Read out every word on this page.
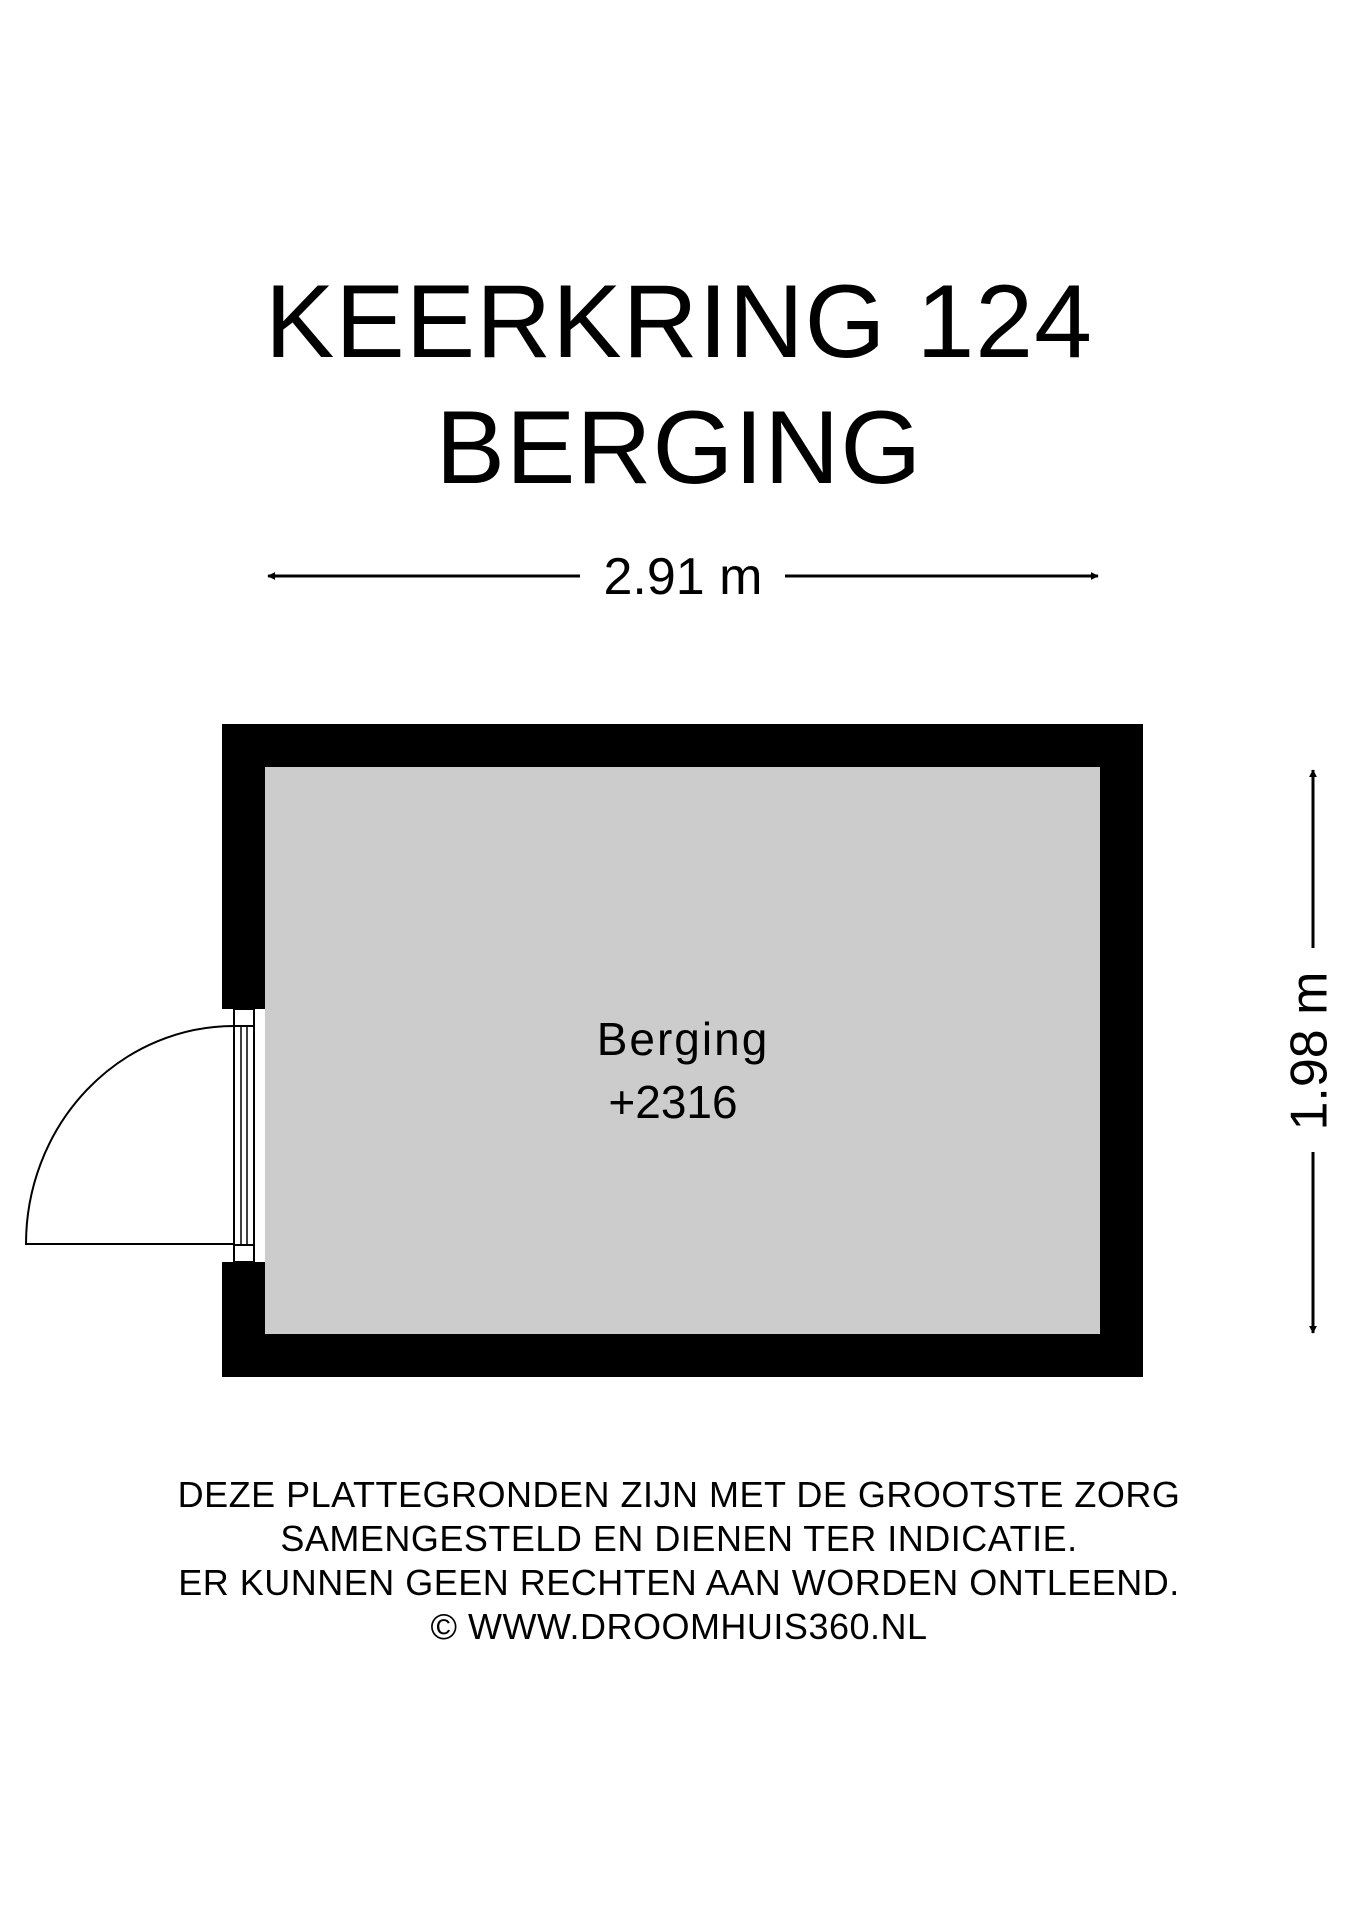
KEERKRING 124
BERGING
2.91 m
1.98 m
Berging
+2316
DEZE PLATTEGRONDEN ZIJN MET DE GROOTSTE ZORG
SAMENGESTELD EN DIENEN TER INDICATIE.
ER KUNNEN GEEN RECHTEN AAN WORDEN ONTLEEND.
© WWW.DROOMHUIS360.NL
